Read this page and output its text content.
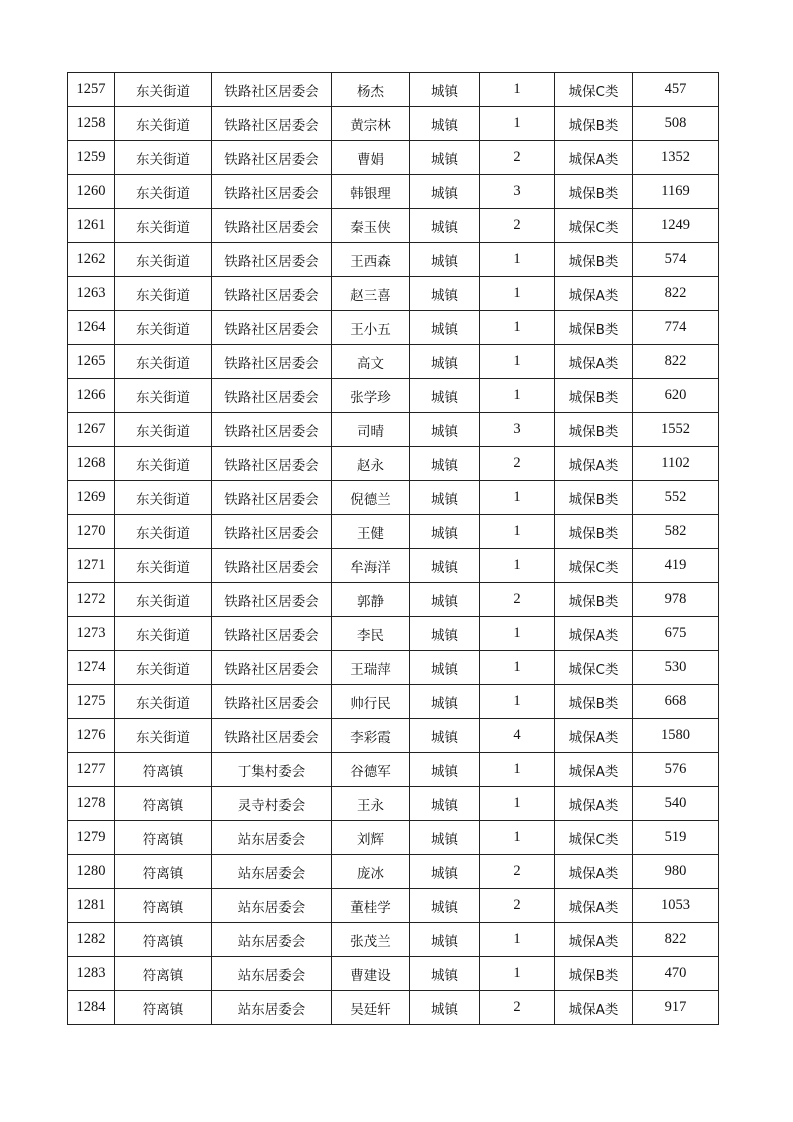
1257	东关街道	铁路社区居委会	杨杰	城镇	1	城保C类	457
1258	东关街道	铁路社区居委会	黄宗林	城镇	1	城保B类	508
1259	东关街道	铁路社区居委会	曹娟	城镇	2	城保A类	1352
1260	东关街道	铁路社区居委会	韩银理	城镇	3	城保B类	1169
1261	东关街道	铁路社区居委会	秦玉侠	城镇	2	城保C类	1249
1262	东关街道	铁路社区居委会	王西森	城镇	1	城保B类	574
1263	东关街道	铁路社区居委会	赵三喜	城镇	1	城保A类	822
1264	东关街道	铁路社区居委会	王小五	城镇	1	城保B类	774
1265	东关街道	铁路社区居委会	高文	城镇	1	城保A类	822
1266	东关街道	铁路社区居委会	张学珍	城镇	1	城保B类	620
1267	东关街道	铁路社区居委会	司晴	城镇	3	城保B类	1552
1268	东关街道	铁路社区居委会	赵永	城镇	2	城保A类	1102
1269	东关街道	铁路社区居委会	倪德兰	城镇	1	城保B类	552
1270	东关街道	铁路社区居委会	王健	城镇	1	城保B类	582
1271	东关街道	铁路社区居委会	牟海洋	城镇	1	城保C类	419
1272	东关街道	铁路社区居委会	郭静	城镇	2	城保B类	978
1273	东关街道	铁路社区居委会	李民	城镇	1	城保A类	675
1274	东关街道	铁路社区居委会	王瑞萍	城镇	1	城保C类	530
1275	东关街道	铁路社区居委会	帅行民	城镇	1	城保B类	668
1276	东关街道	铁路社区居委会	李彩霞	城镇	4	城保A类	1580
1277	符离镇	丁集村委会	谷德军	城镇	1	城保A类	576
1278	符离镇	灵寺村委会	王永	城镇	1	城保A类	540
1279	符离镇	站东居委会	刘辉	城镇	1	城保C类	519
1280	符离镇	站东居委会	庞冰	城镇	2	城保A类	980
1281	符离镇	站东居委会	董桂学	城镇	2	城保A类	1053
1282	符离镇	站东居委会	张茂兰	城镇	1	城保A类	822
1283	符离镇	站东居委会	曹建设	城镇	1	城保B类	470
1284	符离镇	站东居委会	吴廷轩	城镇	2	城保A类	917
